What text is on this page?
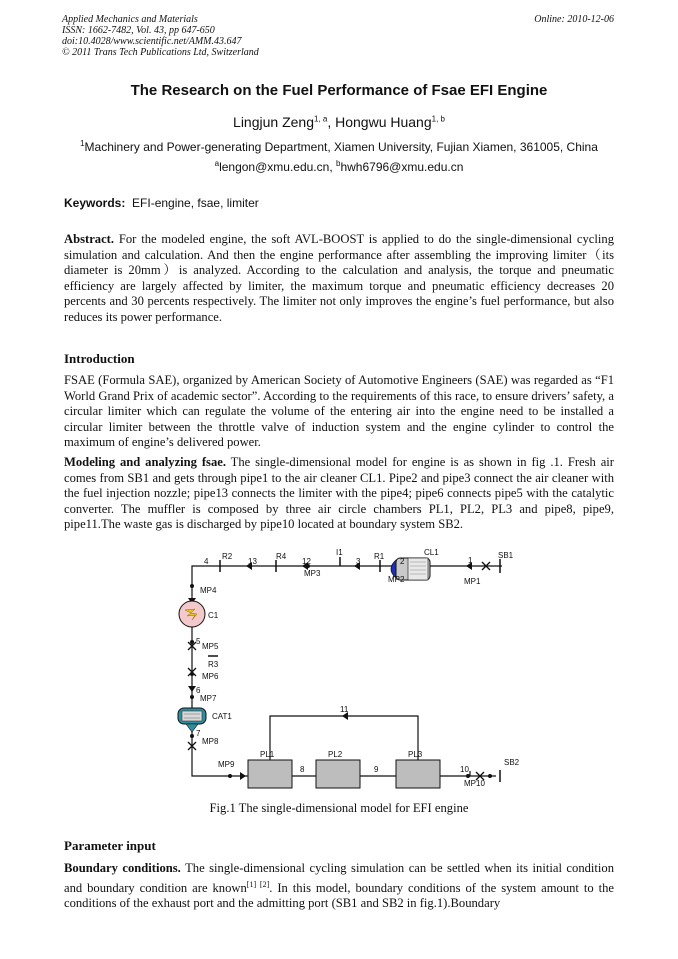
Applied Mechanics and Materials
ISSN: 1662-7482, Vol. 43, pp 647-650
doi:10.4028/www.scientific.net/AMM.43.647
© 2011 Trans Tech Publications Ltd, Switzerland
Online: 2010-12-06
The Research on the Fuel Performance of Fsae EFI Engine
Lingjun Zeng$^{1, a}$, Hongwu Huang$^{1, b}$
$^1$Machinery and Power-generating Department, Xiamen University, Fujian Xiamen, 361005, China
$^a$lengon@xmu.edu.cn, $^b$hwh6796@xmu.edu.cn
Keywords: EFI-engine, fsae, limiter
Abstract. For the modeled engine, the soft AVL-BOOST is applied to do the single-dimensional cycling simulation and calculation. And then the engine performance after assembling the improving limiter（its diameter is 20mm）is analyzed. According to the calculation and analysis, the torque and pneumatic efficiency are largely affected by limiter, the maximum torque and pneumatic efficiency decreases 20 percents and 30 percents respectively. The limiter not only improves the engine’s fuel performance, but also reduces its power performance.
Introduction
FSAE (Formula SAE), organized by American Society of Automotive Engineers (SAE) was regarded as “F1 World Grand Prix of academic sector”. According to the requirements of this race, to ensure drivers’ safety, a circular limiter which can regulate the volume of the entering air into the engine need to be installed a circular limiter between the throttle valve of induction system and the engine cylinder to control the maximum of engine’s delivered power.
Modeling and analyzing fsae. The single-dimensional model for engine is as shown in fig .1. Fresh air comes from SB1 and gets through pipe1 to the air cleaner CL1. Pipe2 and pipe3 connect the air cleaner with the fuel injection nozzle; pipe13 connects the limiter with the pipe4; pipe6 connects pipe5 with the catalytic converter. The muffler is composed by three air circle chambers PL1, PL2, PL3 and pipe8, pipe9, pipe11.The waste gas is discharged by pipe10 located at boundary system SB2.
4
R2
13
R4
12
MP3
I1
3
R1
2
CL1
1
SB1
MP2	MP1
MP4
C1
5
MP5
R3
MP6
6
MP7
CAT1
7
MP8
11
PL1	PL2	PL3
MP9
8	9	10
MP10
SB2
Fig.1 The single-dimensional model for EFI engine
Parameter input
Boundary conditions. The single-dimensional cycling simulation can be settled when its initial condition and boundary condition are known[1] [2]. In this model, boundary conditions of the system amount to the conditions of the exhaust port and the admitting port (SB1 and SB2 in fig.1).Boundary
